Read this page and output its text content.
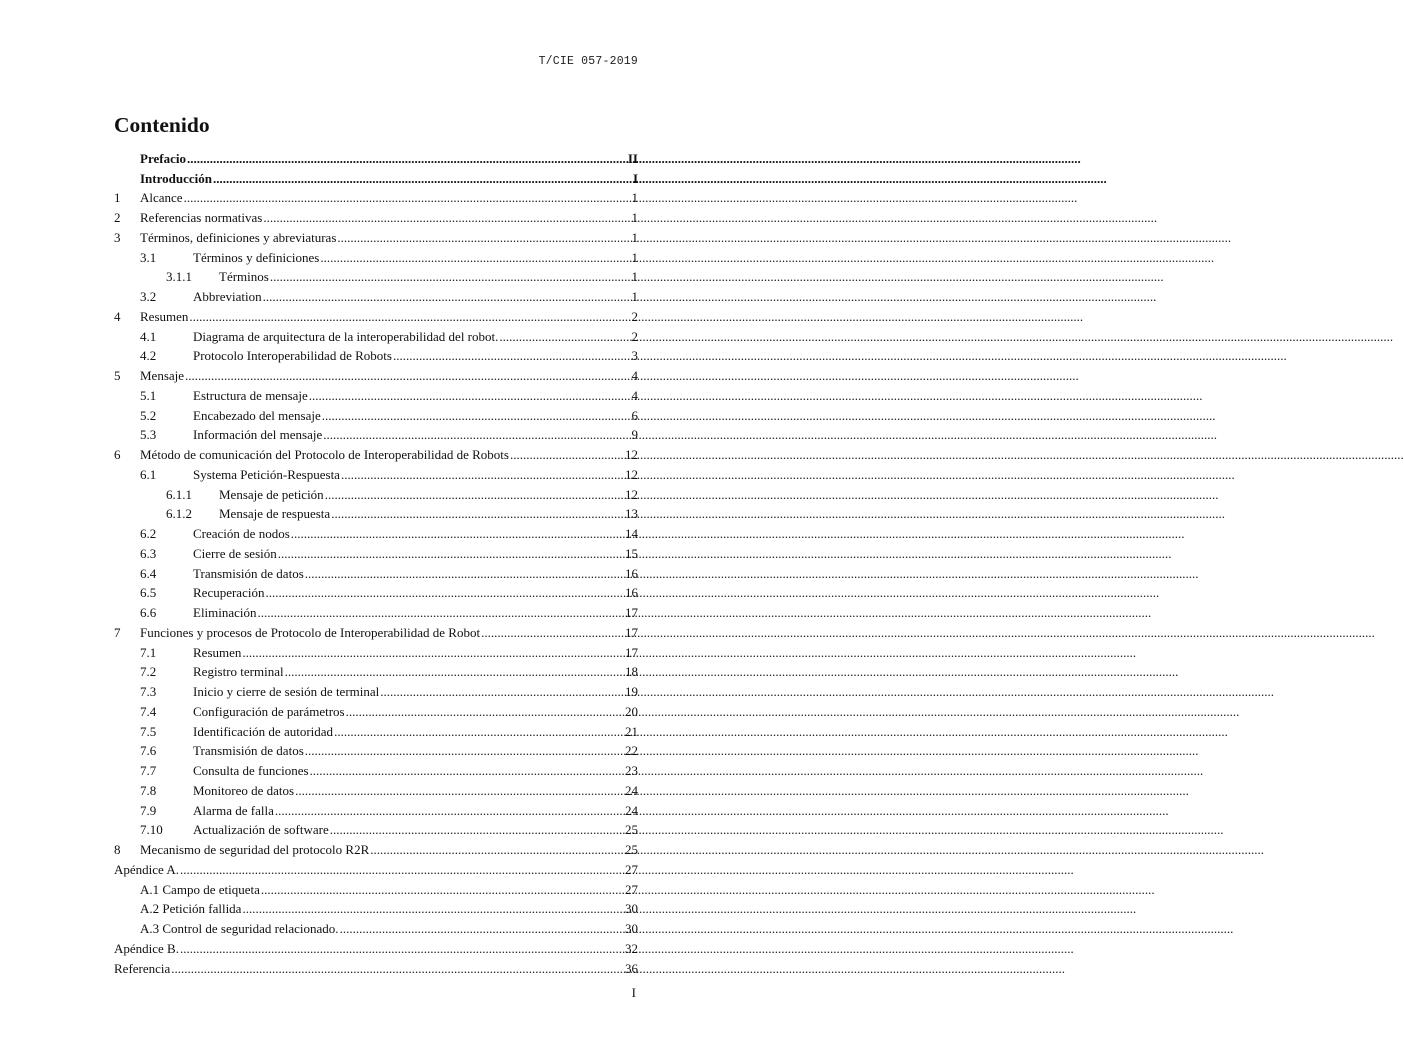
T/CIE 057-2019
Contenido
Prefacio .....	II
Introducción .....	I
1	Alcance .....	1
2	Referencias normativas .....	1
3	Términos, definiciones y abreviaturas .....	1
3.1	Términos y definiciones .....	1
3.1.1	Términos .....	1
3.2	Abbreviation .....	1
4	Resumen .....	2
4.1	Diagrama de arquitectura de la interoperabilidad del robot. .....	2
4.2	Protocolo Interoperabilidad de Robots .....	3
5	Mensaje .....	4
5.1	Estructura de mensaje .....	4
5.2	Encabezado del mensaje .....	6
5.3	Información del mensaje .....	9
6	Método de comunicación del Protocolo de Interoperabilidad de Robots .....	12
6.1	Systema Petición-Respuesta .....	12
6.1.1	Mensaje de petición .....	12
6.1.2	Mensaje de respuesta .....	13
6.2	Creación de nodos .....	14
6.3	Cierre de sesión .....	15
6.4	Transmisión de datos .....	16
6.5	Recuperación .....	16
6.6	Eliminación .....	17
7	Funciones y procesos de Protocolo de Interoperabilidad de Robot .....	17
7.1	Resumen .....	17
7.2	Registro terminal .....	18
7.3	Inicio y cierre de sesión de terminal .....	19
7.4	Configuración de parámetros .....	20
7.5	Identificación de autoridad .....	21
7.6	Transmisión de datos .....	22
7.7	Consulta de funciones .....	23
7.8	Monitoreo de datos .....	24
7.9	Alarma de falla .....	24
7.10	Actualización de software .....	25
8	Mecanismo de seguridad del protocolo R2R .....	25
Apéndice A. .....	27
A.1 Campo de etiqueta .....	27
A.2 Petición fallida .....	30
A.3 Control de seguridad relacionado. .....	30
Apéndice B. .....	32
Referencia .....	36
I
